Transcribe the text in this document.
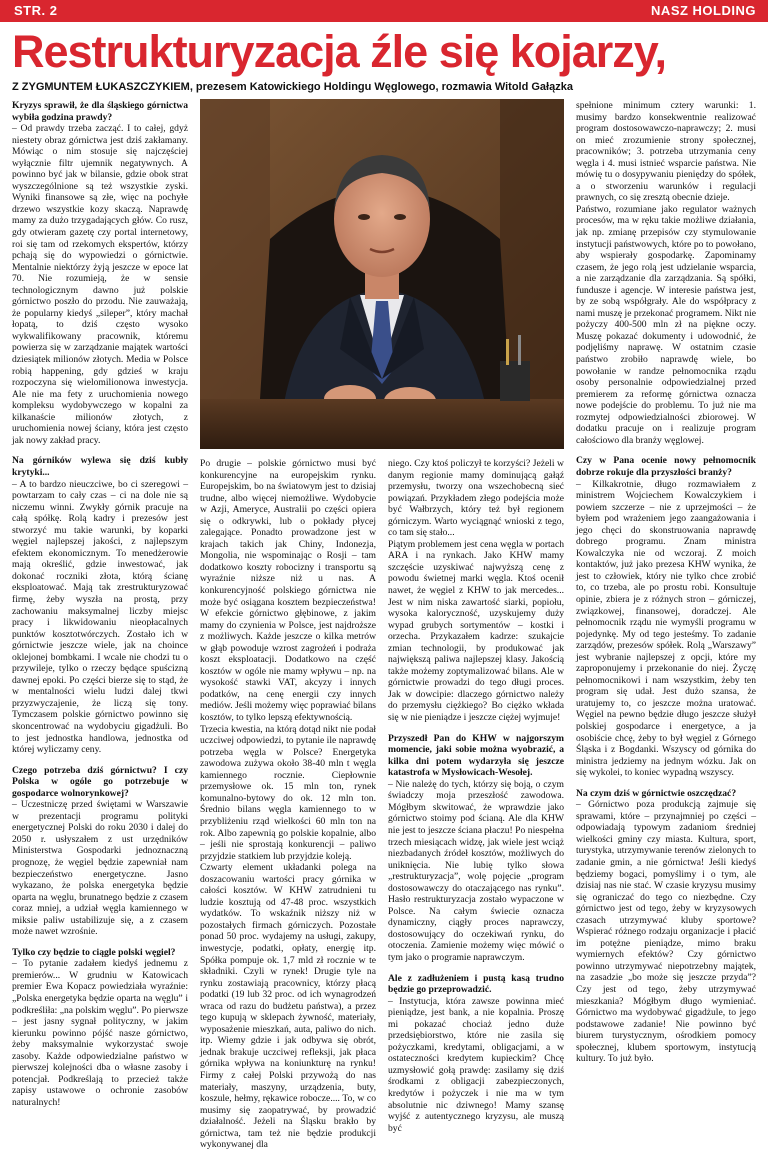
STR. 2	NASZ HOLDING
Restrukturyzacja źle się kojarzy,
Z ZYGMUNTEM ŁUKASZCZYKIEM, prezesem Katowickiego Holdingu Węglowego, rozmawia Witold Gałązka

Kryzys sprawił, że dla śląskiego górnictwa wybiła godzina prawdy?

– Od prawdy trzeba zacząć. I to całej, gdyż niestety obraz górnictwa jest dziś zakłamany. Mówiąc o nim stosuje się najczęściej wyłącznie filtr ujemnik negatywnych. A powinno być jak w bilansie, gdzie obok strat wyszczególnione są też wszystkie zyski. Wyniki finansowe są złe, więc na pochyłe drzewo wszystkie kozy skaczą. Naprawdę mamy za dużo trzygadających głów. Co rusz, gdy otwieram gazetę czy portal internetowy, roi się tam od rzekomych ekspertów, którzy pchają się do wypowiedzi o górnictwie. Mentalnie niektórzy żyją jeszcze w epoce lat 70. Nie rozumieją, że w sensie technologicznym dawno już polskie górnictwo poszło do przodu. Nie zauważają, że popularny kiedyś „sileper”, który machał łopatą, to dziś często wysoko wykwalifikowany pracownik, któremu powierza się w zarządzanie majątek wartości dziesiątek milionów złotych. Media w Polsce robią happening, gdy gdzieś w kraju rozpoczyna się wielomilionowa inwestycja. Ale nie ma fety z uruchomienia nowego kompleksu wydobywczego w kopalni za kilkanaście milionów złotych, z uruchomienia nowej ściany, która jest często jak nowy zakład pracy.

Na górników wylewa się dziś kubły krytyki...

– A to bardzo nieuczciwe, bo ci szeregowi – powtarzam to cały czas – ci na dole nie są niczemu winni. Zwykły górnik pracuje na całą spółkę. Rolą kadry i prezesów jest stworzyć mu takie warunki, by koparki węgiel najlepszej jakości, z najlepszym efektem ekonomicznym. To menedżerowie mają określić, gdzie inwestować, jak dokonać roczniki złota, którą ścianę eksploatować. Mają tak zrestrukturyzować firmę, żeby wyszła na prostą, przy zachowaniu maksymalnej liczby miejsc pracy i likwidowaniu nieopłacalnych punktów kosztotwórczych. Zostało ich w górnictwie jeszcze wiele, jak na choince oklejonej bombkami. I wcale nie chodzi tu o przywileje, tylko o rzeczy będące spuścizną dawnej epoki. Po części bierze się to stąd, że w mentalności wielu ludzi dalej tkwi przyzwyczajenie, że liczą się tony. Tymczasem polskie górnictwo powinno się skoncentrować na wydobyciu gigadżuli. Bo to jest jednostka handlowa, jednostka od której wyliczamy ceny.

Czego potrzeba dziś górnictwu? I czy Polska w ogóle go potrzebuje w gospodarce wolnorynkowej?

– Uczestniczę przed świętami w Warszawie w prezentacji programu polityki energetycznej Polski do roku 2030 i dalej do 2050 r. usłyszałem z ust urzędników Ministerstwa Gospodarki jednoznaczną prognozę, że węgiel będzie zapewniał nam bezpieczeństwo energetyczne. Jasno wykazano, że polska energetyka będzie oparta na węglu, brunatnego będzie z czasem coraz mniej, a udział węgla kamiennego w miksie paliw ustabilizuje się, a z czasem może nawet wzrośnie.

Tylko czy będzie to ciągle polski węgiel?

– To pytanie zadałem kiedyś jednemu z premierów... W grudniu w Katowicach premier Ewa Kopacz powiedziała wyraźnie: „Polska energetyka będzie oparta na węglu” i podkreśliła: „na polskim węglu”. Po pierwsze – jest jasny sygnał polityczny, w jakim kierunku powinno pójść nasze górnictwo, żeby maksymalnie wykorzystać swoje zasoby. Każde odpowiedzialne państwo w pierwszej kolejności dba o własne zasoby i potencjał. Podkreślają to przecież także zapisy ustawowe o ochronie zasobów naturalnych!

Po drugie – polskie górnictwo musi być konkurencyjne na europejskim rynku. Europejskim, bo na światowym jest to dzisiaj trudne, albo więcej niemożliwe. Wydobycie w Azji, Ameryce, Australii po części opiera się o odkrywki, lub o pokłady płycej zalegające. Ponadto prowadzone jest w krajach takich jak Chiny, Indonezja, Mongolia, nie wspominając o Rosji – tam dodatkowo koszty robocizny i transportu są wyraźnie niższe niż u nas. A konkurencyjność polskiego górnictwa nie może być osiągana kosztem bezpieczeństwa! W efekcie górnictwo głębinowe, z jakim mamy do czynienia w Polsce, jest najdroższe z możliwych. Każde jeszcze o kilka metrów w głąb powoduje wzrost zagrożeń i podraża koszt eksploatacji. Dodatkowo na część kosztów w ogóle nie mamy wpływu – np. na wysokość stawki VAT, akcyzy i innych podatków, na cenę energii czy innych mediów. Jeśli możemy więc poprawiać bilans kosztów, to tylko lepszą efektywnością.

Trzecia kwestia, na którą dotąd nikt nie podał uczciwej odpowiedzi, to pytanie ile naprawdę potrzeba węgla w Polsce? Energetyka zawodowa zużywa około 38-40 mln t węgla kamiennego rocznie. Ciepłownie przemysłowe ok. 15 mln ton, rynek komunalno-bytowy do ok. 12 mln ton. Średnio bilans węgla kamiennego to w przybliżeniu rząd wielkości 60 mln ton na rok. Albo zapewnią go polskie kopalnie, albo – jeśli nie sprostają konkurencji – paliwo przyjdzie statkiem lub przyjdzie koleją.

Czwarty element układanki polega na doszacowaniu wartości pracy górnika w całości kosztów. W KHW zatrudnieni tu ludzie kosztują od 47-48 proc. wszystkich wydatków. To wskaźnik niższy niż w pozostałych firmach górniczych. Pozostałe ponad 50 proc. wydajemy na usługi, zakupy, inwestycje, podatki, opłaty, energię itp. Spółka pompuje ok. 1,7 mld zł rocznie w te składniki. Czyli w rynek! Drugie tyle na rynku zostawiają pracownicy, którzy płacą podatki (19 lub 32 proc. od ich wynagrodzeń wraca od razu do budżetu państwa), a przez tego kupują w sklepach żywność, materiały, wyposażenie mieszkań, auta, paliwo do nich. itp. Wiemy gdzie i jak odbywa się obrót, jednak brakuje uczciwej refleksji, jak płaca górnika wpływa na koniunkturę na rynku! Firmy z całej Polski przywożą do nas materiały, maszyny, urządzenia, buty, koszule, hełmy, rękawice robocze.... To, w co musimy się zaopatrywać, by prowadzić działalność. Jeżeli na Śląsku brakło by górnictwa, tam też nie będzie produkcji wykonywanej dla

niego. Czy ktoś policzył te korzyści? Jeżeli w danym regionie mamy dominującą gałąź przemysłu, tworzy ona wszechobecną sieć powiązań. Przykładem złego podejścia może być Wałbrzych, który też był regionem górniczym. Warto wyciągnąć wnioski z tego, co tam się stało...

Piątym problemem jest cena węgla w portach ARA i na rynkach. Jako KHW mamy szczęście uzyskiwać najwyższą cenę z powodu świetnej marki węgla. Ktoś ocenił nawet, że węgiel z KHW to jak mercedes... Jest w nim niska zawartość siarki, popiołu, wysoka kaloryczność, uzyskujemy duży wypad grubych sortymentów – kostki i orzecha. Przykazałem kadrze: szukajcie zmian technologii, by produkować jak największą paliwa najlepszej klasy. Jakością także możemy zoptymalizować bilans. Ale w górnictwie prowadzi do tego długi proces. Jak w dowcipie: dlaczego górnictwo należy do przemysłu ciężkiego? Bo ciężko wkłada się w nie pieniądze i jeszcze ciężej wyjmuje!

Przyszedł Pan do KHW w najgorszym momencie, jaki sobie można wyobrazić, a kilka dni potem wydarzyła się jeszcze katastrofa w Mysłowicach-Wesołej.

– Nie należę do tych, którzy się boją, o czym świadczy moja przeszłość zawodowa. Mógłbym skwitować, że wprawdzie jako górnictwo stoimy pod ścianą. Ale dla KHW nie jest to jeszcze ściana płaczu! Po niespełna trzech miesiącach widzę, jak wiele jest wciąż niezbadanych źródeł kosztów, możliwych do uniknięcia. Nie lubię tylko słowa „restrukturyzacja”, wolę pojęcie „program dostosowawczy do otaczającego nas rynku”. Hasło restrukturyzacja zostało wypaczone w Polsce. Na całym świecie oznacza dynamiczny, ciągły proces naprawczy, dostosowujący do oczekiwań rynku, do otoczenia. Zamienie możemy więc mówić o tym jako o programie naprawczym.

Ale z zadłużeniem i pustą kasą trudno będzie go przeprowadzić.

– Instytucja, która zawsze powinna mieć pieniądze, jest bank, a nie kopalnia. Proszę mi pokazać chociaż jedno duże przedsiębiorstwo, które nie zasila się pożyczkami, kredytami, obligacjami, a w ostateczności kredytem kupieckim? Chcę uzmysłowić gołą prawdę: zasilamy się dziś środkami z obligacji zabezpieczonych, kredytów i pożyczek i nie ma w tym absolutnie nic dziwnego! Mamy szansę wyjść z autentycznego kryzysu, ale muszą być

spełnione minimum cztery warunki: 1. musimy bardzo konsekwentnie realizować program dostosowawczo-naprawczy; 2. musi on mieć zrozumienie strony społecznej, pracowników; 3. potrzeba utrzymania ceny węgla i 4. musi istnieć wsparcie państwa. Nie mówię tu o dosypywaniu pieniędzy do spółek, a o stworzeniu warunków i regulacji prawnych, co się zresztą obecnie dzieje.

Państwo, rozumiane jako regulator ważnych procesów, ma w ręku takie możliwe działania, jak np. zmianę przepisów czy stymulowanie instytucji państwowych, które po to powołano, aby wspierały gospodarkę. Zapominamy czasem, że jego rolą jest udzielanie wsparcia, a nie zarządzanie dla zarządzania. Są spółki, fundusze i agencje. W interesie państwa jest, by ze sobą współgrały. Ale do współpracy z nami muszę je przekonać programem. Nikt nie pożyczy 400-500 mln zł na piękne oczy. Muszę pokazać dokumenty i udowodnić, że podjęliśmy naprawę. W ostatnim czasie państwo zrobiło naprawdę wiele, bo powołanie w randze pełnomocnika rządu osoby personalnie odpowiedzialnej przed premierem za reformę górnictwa oznacza nowe podejście do problemu. To już nie ma rozmytej odpowiedzialności zbiorowej. W dodatku pracuje on i realizuje program całościowo dla branży węglowej.

Czy w Pana ocenie nowy pełnomocnik dobrze rokuje dla przyszłości branży?

– Kilkakrotnie, długo rozmawiałem z ministrem Wojciechem Kowalczykiem i powiem szczerze – nie z uprzejmości – że byłem pod wrażeniem jego zaangażowania i jego chęci do skonstruowania naprawdę dobrego programu. Znam ministra Kowalczyka nie od wczoraj. Z moich kontaktów, już jako prezesa KHW wynika, że jest to człowiek, który nie tylko chce zrobić to, co trzeba, ale po prostu robi. Konsultuje opinie, zbiera je z różnych stron – górniczej, związkowej, finansowej, doradczej. Ale pełnomocnik rządu nie wymyśli programu w pojedynkę. My od tego jesteśmy. To zadanie zarządów, prezesów spółek. Rolą „Warszawy” jest wybranie najlepszej z opcji, które my zaproponujemy i przekonanie do niej. Życzę pełnomocnikowi i nam wszystkim, żeby ten program się udał. Jest dużo szansa, że uratujemy to, co jeszcze można uratować. Węgiel na pewno będzie długo jeszcze służył polskiej gospodarce i energetyce, a ja osobiście chcę, żeby to był węgiel z Górnego Śląska i z Bogdanki. Wszyscy od górnika do ministra jedziemy na jednym wózku. Jak on się wykolei, to koniec wypadną wszyscy.

Na czym dziś w górnictwie oszczędzać?

– Górnictwo poza produkcją zajmuje się sprawami, które – przynajmniej po części – odpowiadają typowym zadaniom średniej wielkości gminy czy miasta. Kultura, sport, turystyka, utrzymywanie terenów zielonych to zadanie gmin, a nie górnictwa! Jeśli kiedyś będziemy bogaci, pomyślimy i o tym, ale dzisiaj nas nie stać. W czasie kryzysu musimy się ograniczać do tego co niezbędne. Czy górnictwo jest od tego, żeby w kryzysowych czasach utrzymywać kluby sportowe? Wspierać różnego rodzaju organizacje i płacić im potężne pieniądze, mimo braku wymiernych efektów? Czy górnictwo powinno utrzymywać niepotrzebny majątek, na zasadzie „bo może się jeszcze przyda”? Czy jest od tego, żeby utrzymywać mieszkania? Mógłbym długo wymieniać. Górnictwo ma wydobywać gigadżule, to jego podstawowe zadanie! Nie powinno być biurem turystycznym, ośrodkiem pomocy społecznej, klubem sportowym, instytucją kultury. To już było.
